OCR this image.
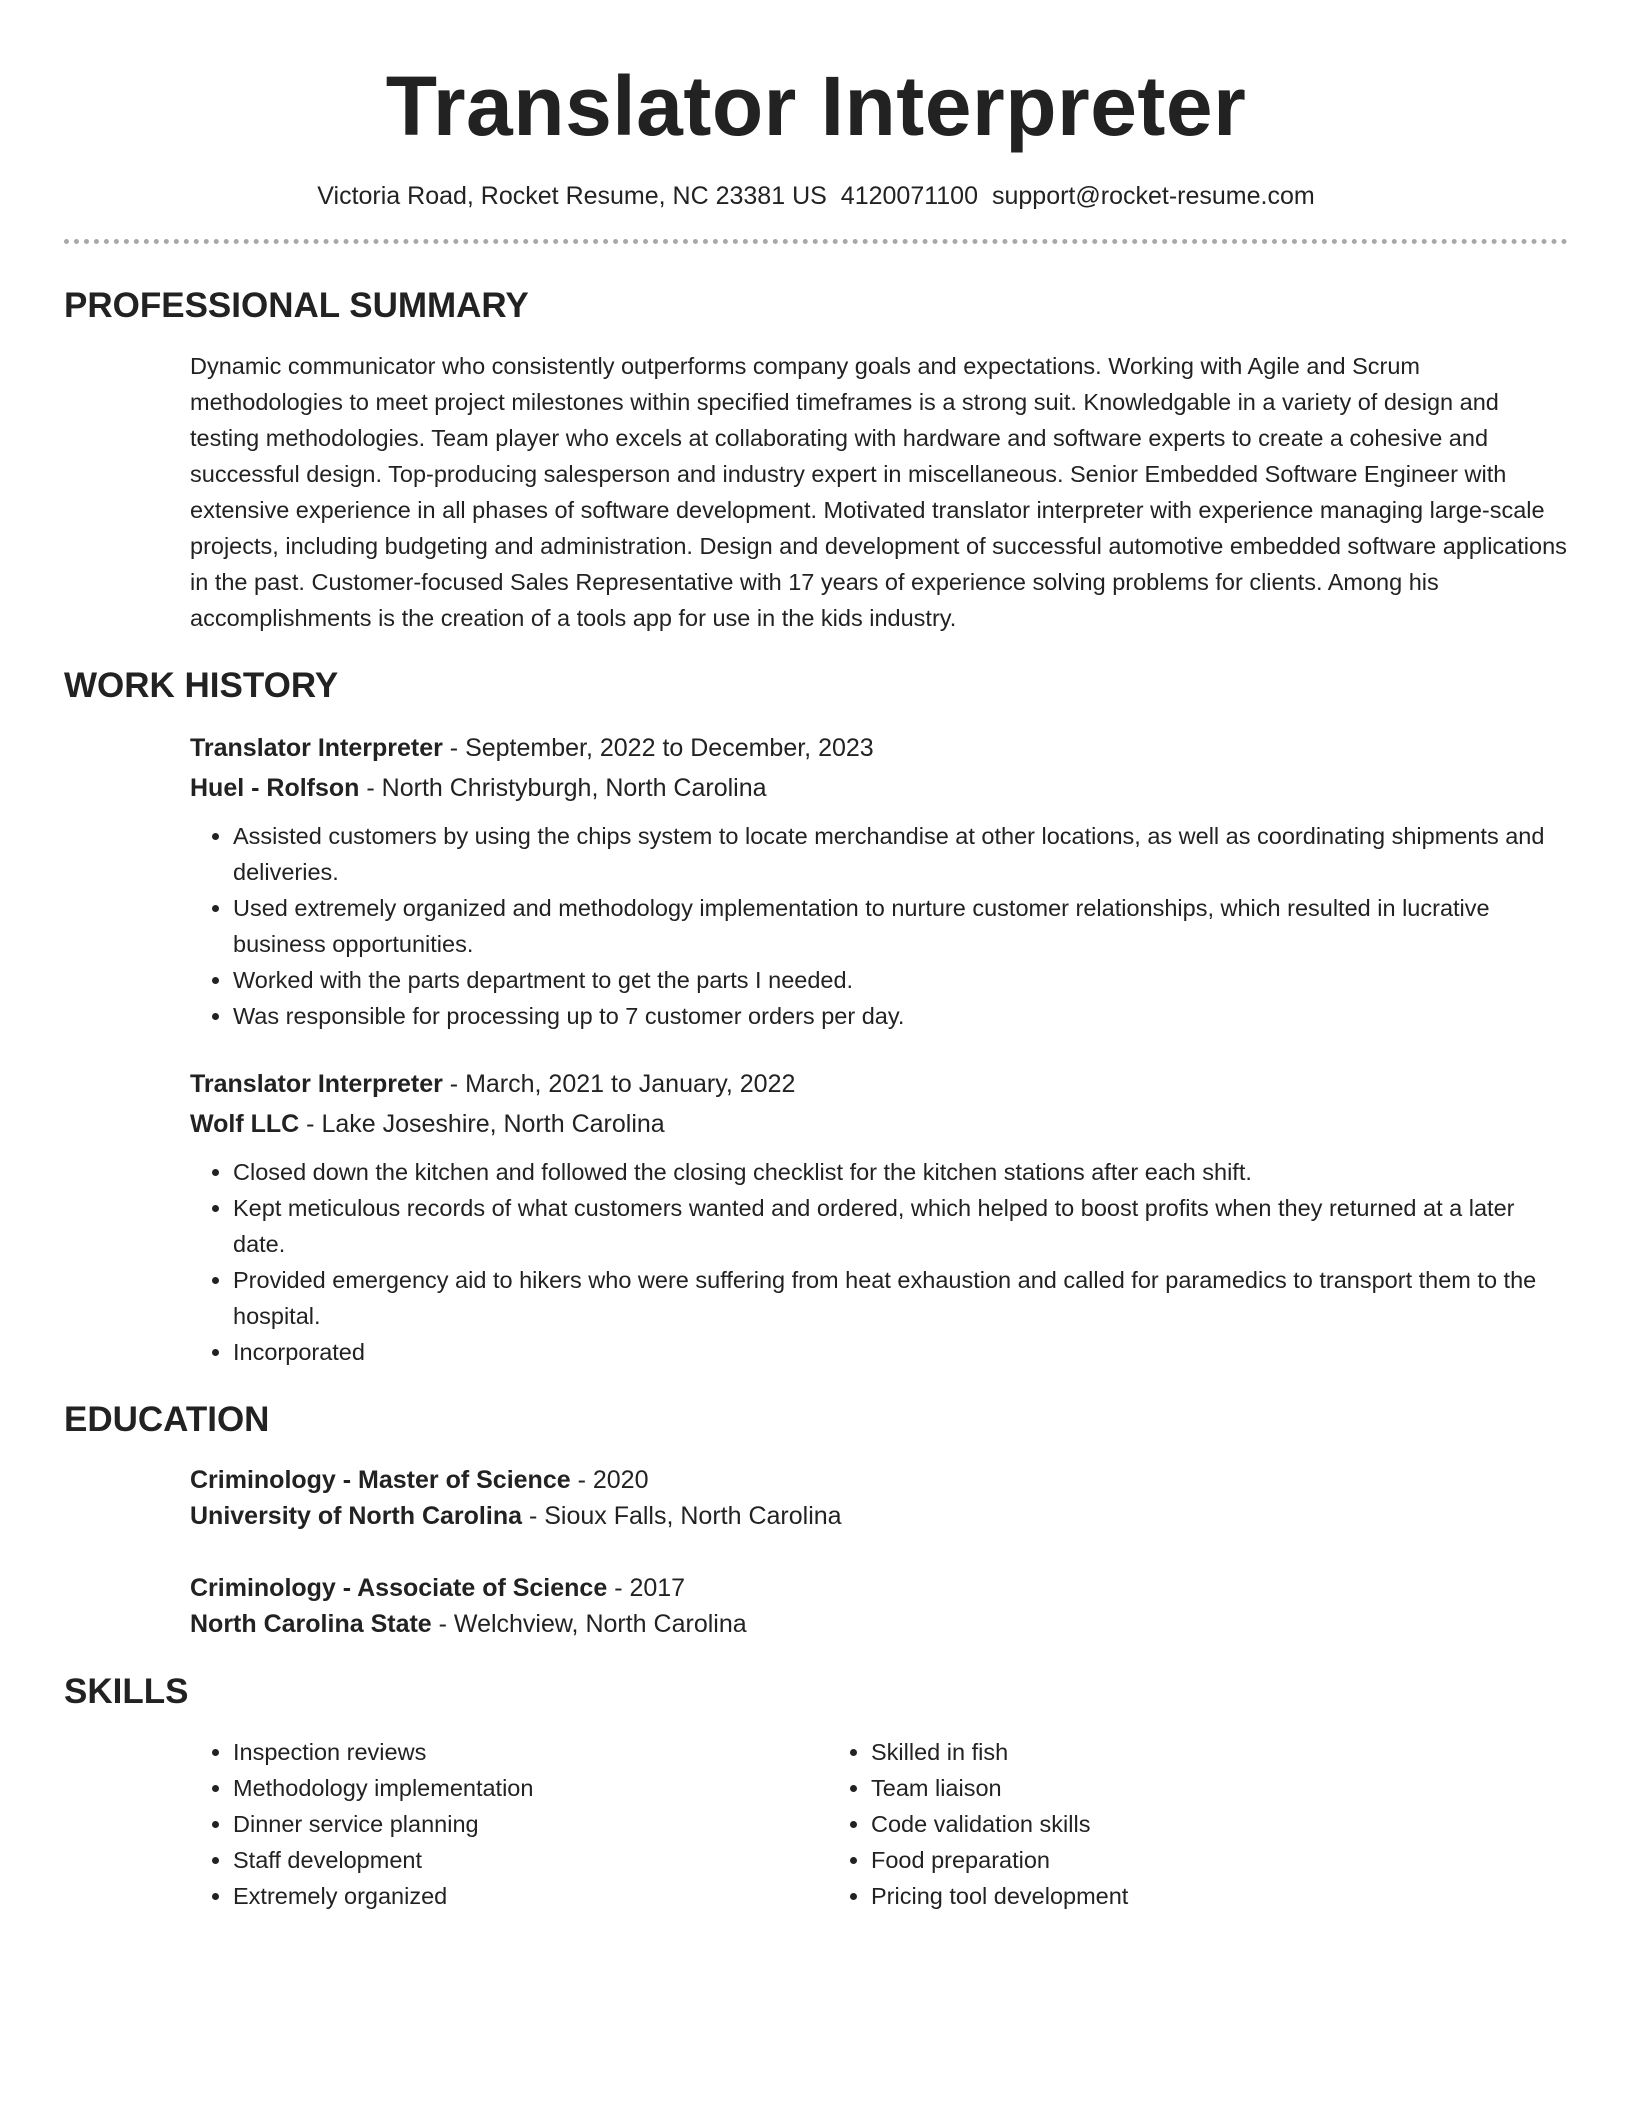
Translator Interpreter
Victoria Road, Rocket Resume, NC 23381 US 4120071100 support@rocket-resume.com
PROFESSIONAL SUMMARY

Dynamic communicator who consistently outperforms company goals and expectations. Working with Agile and Scrum methodologies to meet project milestones within specified timeframes is a strong suit. Knowledgable in a variety of design and testing methodologies. Team player who excels at collaborating with hardware and software experts to create a cohesive and successful design. Top-producing salesperson and industry expert in miscellaneous. Senior Embedded Software Engineer with extensive experience in all phases of software development. Motivated translator interpreter with experience managing large-scale projects, including budgeting and administration. Design and development of successful automotive embedded software applications in the past. Customer-focused Sales Representative with 17 years of experience solving problems for clients. Among his accomplishments is the creation of a tools app for use in the kids industry.

WORK HISTORY
Translator Interpreter - September, 2022 to December, 2023
Huel - Rolfson - North Christyburgh, North Carolina
• Assisted customers by using the chips system to locate merchandise at other locations, as well as coordinating shipments and deliveries.
• Used extremely organized and methodology implementation to nurture customer relationships, which resulted in lucrative business opportunities.
• Worked with the parts department to get the parts I needed.
• Was responsible for processing up to 7 customer orders per day.
Translator Interpreter - March, 2021 to January, 2022
Wolf LLC - Lake Joseshire, North Carolina
• Closed down the kitchen and followed the closing checklist for the kitchen stations after each shift.
• Kept meticulous records of what customers wanted and ordered, which helped to boost profits when they returned at a later date.
• Provided emergency aid to hikers who were suffering from heat exhaustion and called for paramedics to transport them to the hospital.
• Incorporated
EDUCATION
Criminology - Master of Science - 2020
University of North Carolina - Sioux Falls, North Carolina
Criminology - Associate of Science - 2017
North Carolina State - Welchview, North Carolina
SKILLS
• Inspection reviews
• Methodology implementation
• Dinner service planning
• Staff development
• Extremely organized
• Skilled in fish
• Team liaison
• Code validation skills
• Food preparation
• Pricing tool development
